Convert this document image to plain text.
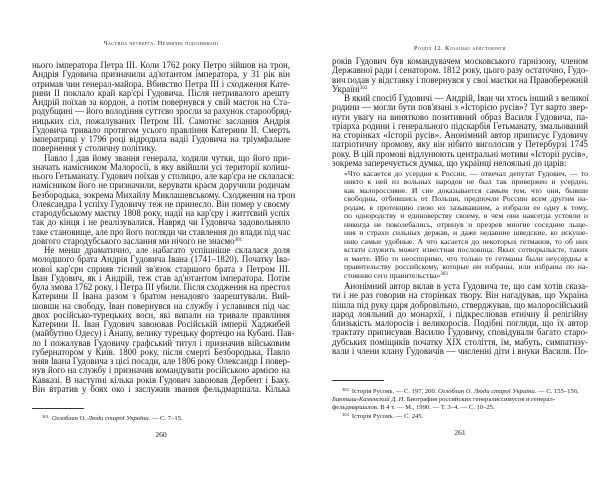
Частина четверта. Незвичні підозрювані
нього імператора Петра III. Коли 1762 року Петро зійшов на трон,
Андрія Гудовича призначили ад'ютантом імператора, у 31 рік він
отримав чин генерал-майора. Вбивство Петра III і сходження Кате-
рини II поклало край кар'єрі Гудовича. Після нетривалого арешту
Андрій поїхав за кордон, а потім повернувся у свій маєток на Ста-
родубщині — його володіння суттєво зросли за рахунок старообряд-
ницьких сіл, пожалуваних Петром III. Самотнє заслання Андрія
Гудовича тривало протягом усього правління Катерини II. Смерть
імператриці у 1796 році відродила надії Гудовича на тріумфальне
повернення у столичну політику.
Павло I дав йому звання генерала, ходили чутки, що його при-
значать намісником Малоросії, в яку ввійшли усі території колиш-
нього Гетьманату. Гудович поїхав у столицю, але кар'єра не склалася:
намісником його не призначили, керувати краєм доручили родичам
Безбородька, зокрема Михайлу Миклашевському. Сходження на трон
Олександра I успіху Гудовичу теж не принесло. Він помер у своєму
стародубському маєтку 1808 року, надії на кар'єру і життєвий успіх
так до кінця і не реалізувалися. Навряд чи Гудовича задовольняло
таке становище, але про його погляди чи ставлення до влади під час
довгого стародубського заслання ми нічого не знаємо$^{301}$
Не менш драматично, але набагато успішніше склалася доля
молодшого брата Андрія Гудовича Івана (1741–1820). Початку Іва-
нової кар'єри сприяв тісний зв'язок старшого брата з Петром III.
Іван Гудович, як і Андрій, теж став ад'ютантом імператора. Потім
була змова 1762 року, і Петра III убили. Після сходження на престол
Катерини II Івана разом з братом ненадовго заарештували. Вий-
шовши на свободу, Іван повернувся на службу і уславився під час
двох російсько-турецьких воєн, які випали на тривале правління
Катерини II. Іван Гудович завоював Російській імперії Хаджибей
(майбутню Одесу) і Анапу, велику турецьку фортецю на Кубані. Пав-
ло I пожалував Гудовичу графський титул і призначив військовим
губернатором у Київ. 1800 року, після смерті Безбородька, Павло
зняв Івана Гудовича з цієї посади, але 1806 року Олександр I повер-
нув його на службу і призначив командувати російською армією на
Кавказі. В наступні кілька років Гудович завоював Дербент і Баку.
Він втратив у боях око і заслужив звання фельдмаршала. Кілька
$^{301}$ Оглоблин О. Люди старої України. — С. 7–15.
260
Розділ 12. Козацькі аристократи
років Гудович був командувачем московського гарнізону, членом
Державної ради і сенатором. 1812 року, цього разу остаточно, Гудо-
вич подав у відставку і повернувся у свої маєтки на Правобережній
Україні$^{302}$
В який спосіб Гудовичі — Андрій, Іван чи хтось інший з великої
родини — могли бути пов'язані з «Історією русів»? Тут варто звер-
нути увагу на винятково позитивний образ Василя Гудовича, па-
тріарха родини і генерального підскарбія Гетьманату, змальований
на сторінках «Історії русів». Анонімний автор приписує Гудовичу
патріотичну промову, яку він нібито виголосив у Петербурзі 1745
року. В цій промові відлунюють центральні мотиви «Історії русів»,
зокрема заперечується думка, що українці нелояльні до царів:
«Что касается до усердия к России, — отвечал депутат Гудович, — то
никто к ней из вольных народов не был так привержен и усерден,
как малороссияне. И сие доказывается самым тем, что они, бывши
свободны, отбившись от Польши, предпочли Россию всем другим на-
родам, в протекцию свою их зазывавшим, а избрали ее одну к тому,
по однородству и единоверству своему, в чем они навсегда устояли и
никогда не поколебались, отринув и презрев многие соседние льще-
ния и страхи сильных держав, и даже недавние шведские, ко искуше-
нию самые удобные. А что касается до некоторых гетманов, то об них
кстати служить может известная пословица: Якых сотворылысте, таких
и маете. Ибо то неоспоримо, что только те гетманы были неусердны к
правительству российскому, которые ни избраны, или избраны по на-
стоянию сего правительства»$^{303}$
Анонімний автор вклав в уста Гудовича те, що сам хотів сказа-
ти і не раз говорив на сторінках твору. Він нагадував, що Україна
пішла під руку царя добровільно, стверджував, що малоросійський
народ лояльний до монархії, і підкреслював етнічну й релігійну
близькість малоросів і великоросів. Подібні погляди, що їх автор
трактату приписував Василю Гудовичу, сповідували багато старо-
дубських поміщиків початку XIX століття, їм, мабуть, симпатизу-
вали і члени клану Гудовичів — численні діти і внуки Василя. По-
$^{302}$ Історія Русовъ. — С. 197, 200. Оглоблин О. Люди старої України. — С. 155–156; Бантыш-Каменский Д. Н. Биография российских генералиссимусов и генерал-фельдмаршалов. В 4 т. — М., 1990. — Т. 3–4. — С. 10–25.
$^{303}$ Історія Русовъ. — С. 245.
261
